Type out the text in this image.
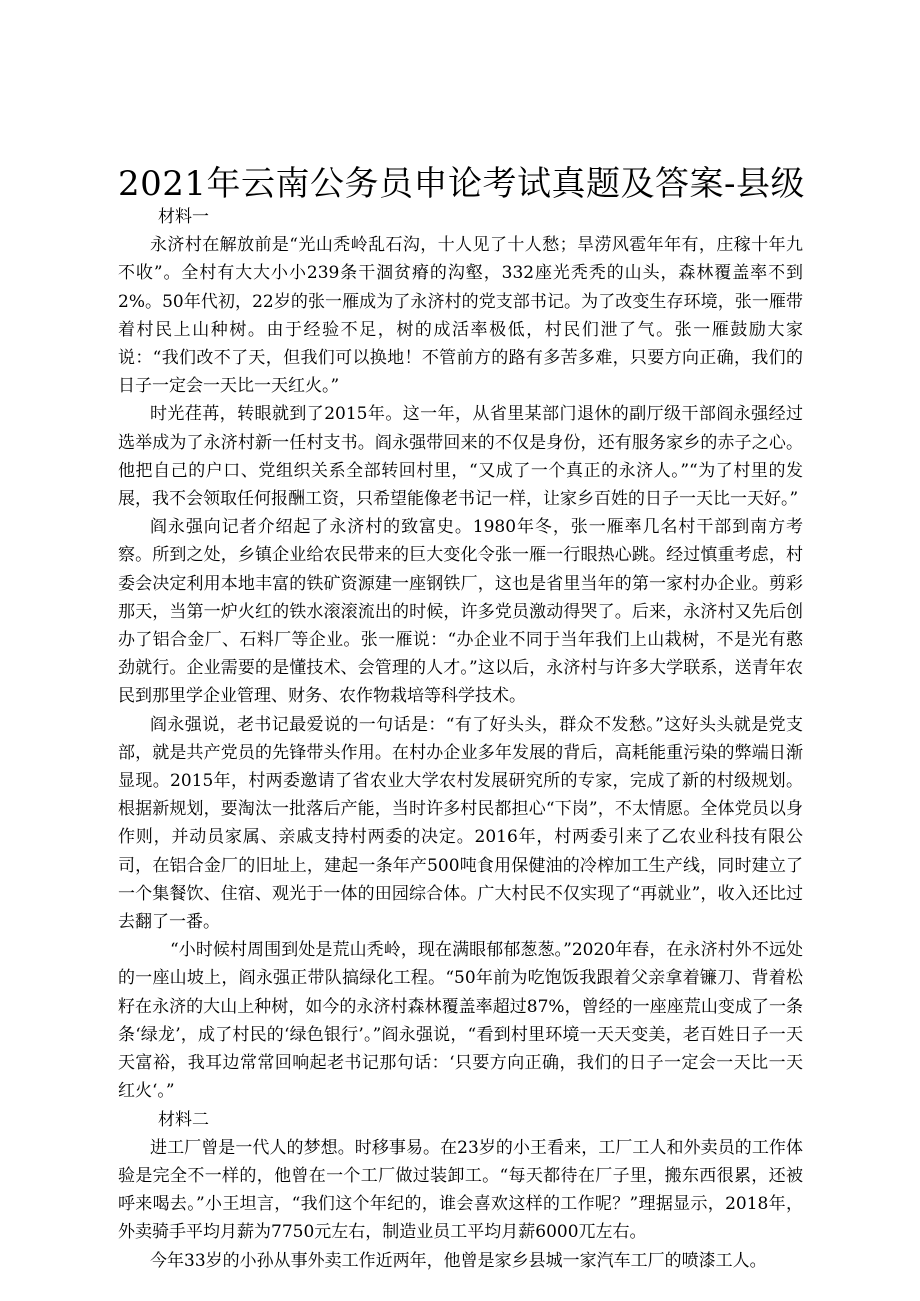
2021年云南公务员申论考试真题及答案-县级

材料一

永济村在解放前是“光山秃岭乱石沟，十人见了十人愁；旱涝风雹年年有，庄稼十年九不收”。全村有大大小小239条干涸贫瘠的沟壑，332座光秃秃的山头，森林覆盖率不到2%。50年代初，22岁的张一雁成为了永济村的党支部书记。为了改变生存环境，张一雁带着村民上山种树。由于经验不足，树的成活率极低，村民们泄了气。张一雁鼓励大家说：“我们改不了天，但我们可以换地！不管前方的路有多苦多难，只要方向正确，我们的日子一定会一天比一天红火。”

时光荏苒，转眼就到了2015年。这一年，从省里某部门退休的副厅级干部阎永强经过选举成为了永济村新一任村支书。阎永强带回来的不仅是身份，还有服务家乡的赤子之心。他把自己的户口、党组织关系全部转回村里，“又成了一个真正的永济人。”“为了村里的发展，我不会领取任何报酬工资，只希望能像老书记一样，让家乡百姓的日子一天比一天好。”

阎永强向记者介绍起了永济村的致富史。1980年冬，张一雁率几名村干部到南方考察。所到之处，乡镇企业给农民带来的巨大变化令张一雁一行眼热心跳。经过慎重考虑，村委会决定利用本地丰富的铁矿资源建一座钢铁厂，这也是省里当年的第一家村办企业。剪彩那天，当第一炉火红的铁水滚滚流出的时候，许多党员激动得哭了。后来，永济村又先后创办了铝合金厂、石料厂等企业。张一雁说：“办企业不同于当年我们上山栽树，不是光有憨劲就行。企业需要的是懂技术、会管理的人才。”这以后，永济村与许多大学联系，送青年农民到那里学企业管理、财务、农作物栽培等科学技术。

阎永强说，老书记最爱说的一句话是：“有了好头头，群众不发愁。”这好头头就是党支部，就是共产党员的先锋带头作用。在村办企业多年发展的背后，高耗能重污染的弊端日渐显现。2015年，村两委邀请了省农业大学农村发展研究所的专家，完成了新的村级规划。根据新规划，要淘汰一批落后产能，当时许多村民都担心“下岗”，不太情愿。全体党员以身作则，并动员家属、亲戚支持村两委的决定。2016年，村两委引来了乙农业科技有限公司，在铝合金厂的旧址上，建起一条年产500吨食用保健油的冷榨加工生产线，同时建立了一个集餐饮、住宿、观光于一体的田园综合体。广大村民不仅实现了“再就业”，收入还比过去翻了一番。

“小时候村周围到处是荒山秃岭，现在满眼郁郁葱葱。”2020年春，在永济村外不远处的一座山坡上，阎永强正带队搞绿化工程。“50年前为吃饱饭我跟着父亲拿着镰刀、背着松籽在永济的大山上种树，如今的永济村森林覆盖率超过87%，曾经的一座座荒山变成了一条条‘绿龙’，成了村民的‘绿色银行’。”阎永强说，“看到村里环境一天天变美，老百姓日子一天天富裕，我耳边常常回响起老书记那句话：‘只要方向正确，我们的日子一定会一天比一天红火‘。”

材料二

进工厂曾是一代人的梦想。时移事易。在23岁的小王看来，工厂工人和外卖员的工作体验是完全不一样的，他曾在一个工厂做过装卸工。“每天都待在厂子里，搬东西很累，还被呼来喝去。”小王坦言，“我们这个年纪的，谁会喜欢这样的工作呢？”理据显示，2018年，外卖骑手平均月薪为7750元左右，制造业员工平均月薪6000兀左右。

今年33岁的小孙从事外卖工作近两年，他曾是家乡县城一家汽车工厂的喷漆工人。
